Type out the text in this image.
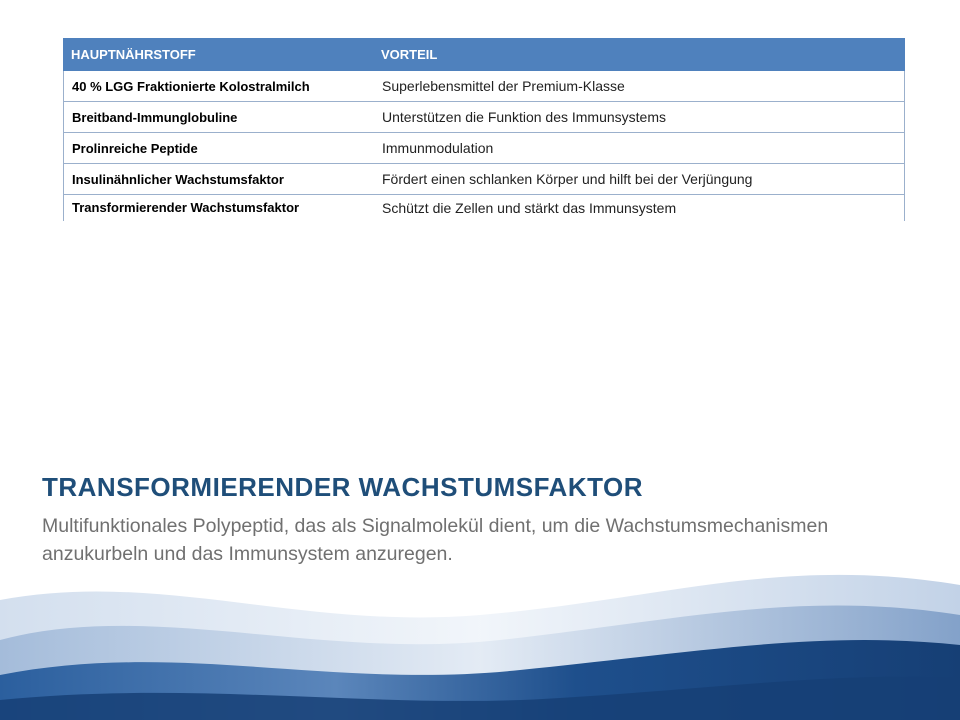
HAUPTNÄHRSTOFF	VORTEIL
40 % LGG Fraktionierte Kolostralmilch	Superlebensmittel der Premium-Klasse
Breitband-Immunglobuline	Unterstützen die Funktion des Immunsystems
Prolinreiche Peptide	Immunmodulation
Insulinähnlicher Wachstumsfaktor	Fördert einen schlanken Körper und hilft bei der Verjüngung
Transformierender Wachstumsfaktor	Schützt die Zellen und stärkt das Immunsystem
TRANSFORMIERENDER WACHSTUMSFAKTOR

Multifunktionales Polypeptid, das als Signalmolekül dient, um die Wachstumsmechanismen anzukurbeln und das Immunsystem anzuregen.
